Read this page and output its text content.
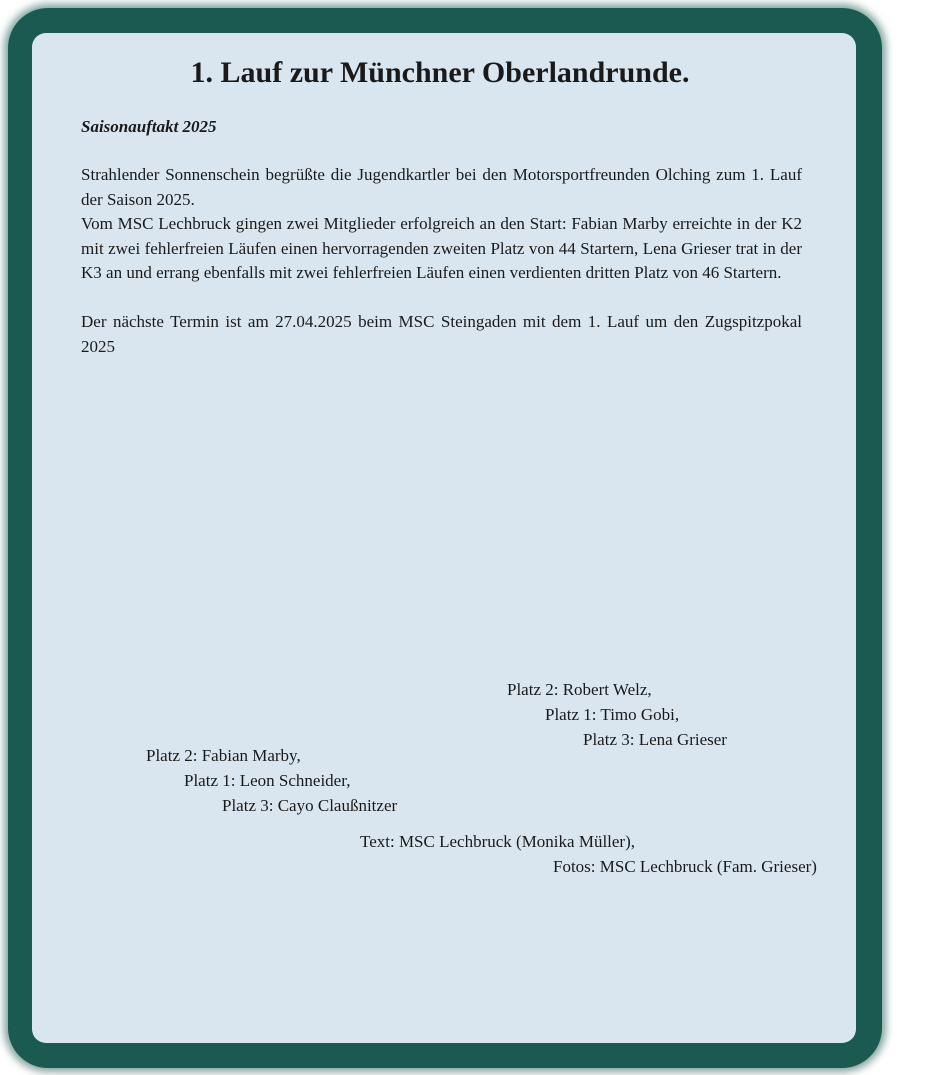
1. Lauf zur Münchner Oberlandrunde.
Saisonauftakt 2025

Strahlender Sonnenschein begrüßte die Jugendkartler bei den Motorsportfreunden Olching zum 1. Lauf der Saison 2025.

Vom MSC Lechbruck gingen zwei Mitglieder erfolgreich an den Start: Fabian Marby erreichte in der K2 mit zwei fehlerfreien Läufen einen hervorragenden zweiten Platz von 44 Startern, Lena Grieser trat in der K3 an und errang ebenfalls mit zwei fehlerfreien Läufen einen verdienten dritten Platz von 46 Startern.

Der nächste Termin ist am 27.04.2025 beim MSC Steingaden mit dem 1. Lauf um den Zugspitzpokal 2025

Platz 2: Robert Welz,
Platz 1: Timo Gobi,
Platz 3: Lena Grieser
Platz 2: Fabian Marby,
Platz 1: Leon Schneider,
Platz 3: Cayo Claußnitzer
Text: MSC Lechbruck (Monika Müller),
Fotos: MSC Lechbruck (Fam. Grieser)
